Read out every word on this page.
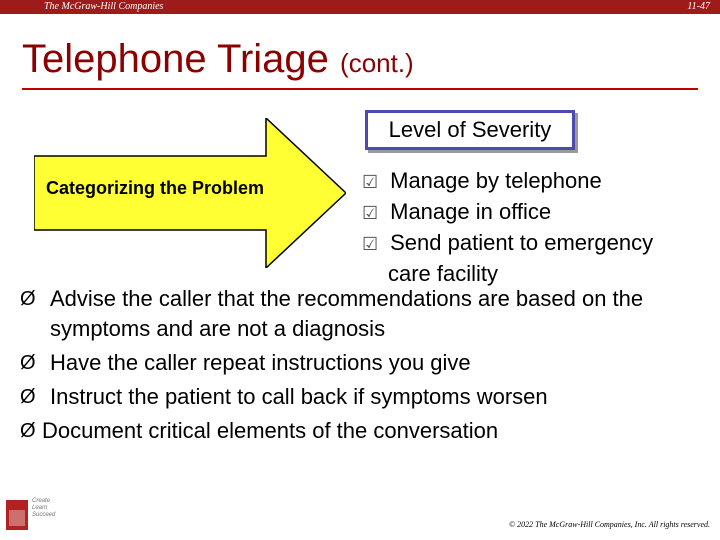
The McGraw-Hill Companies	11-47
Telephone Triage (cont.)
Categorizing the Problem
Level of Severity
☑ Manage by telephone
☑ Manage in office
☑ Send patient to emergency
care facility
Ø Advise the caller that the recommendations are based on the symptoms and are not a diagnosis
Ø Have the caller repeat instructions you give
Ø Instruct the patient to call back if symptoms worsen
Ø Document critical elements of the conversation
Create Learn Succeed
© 2022 The McGraw-Hill Companies, Inc. All rights reserved.
